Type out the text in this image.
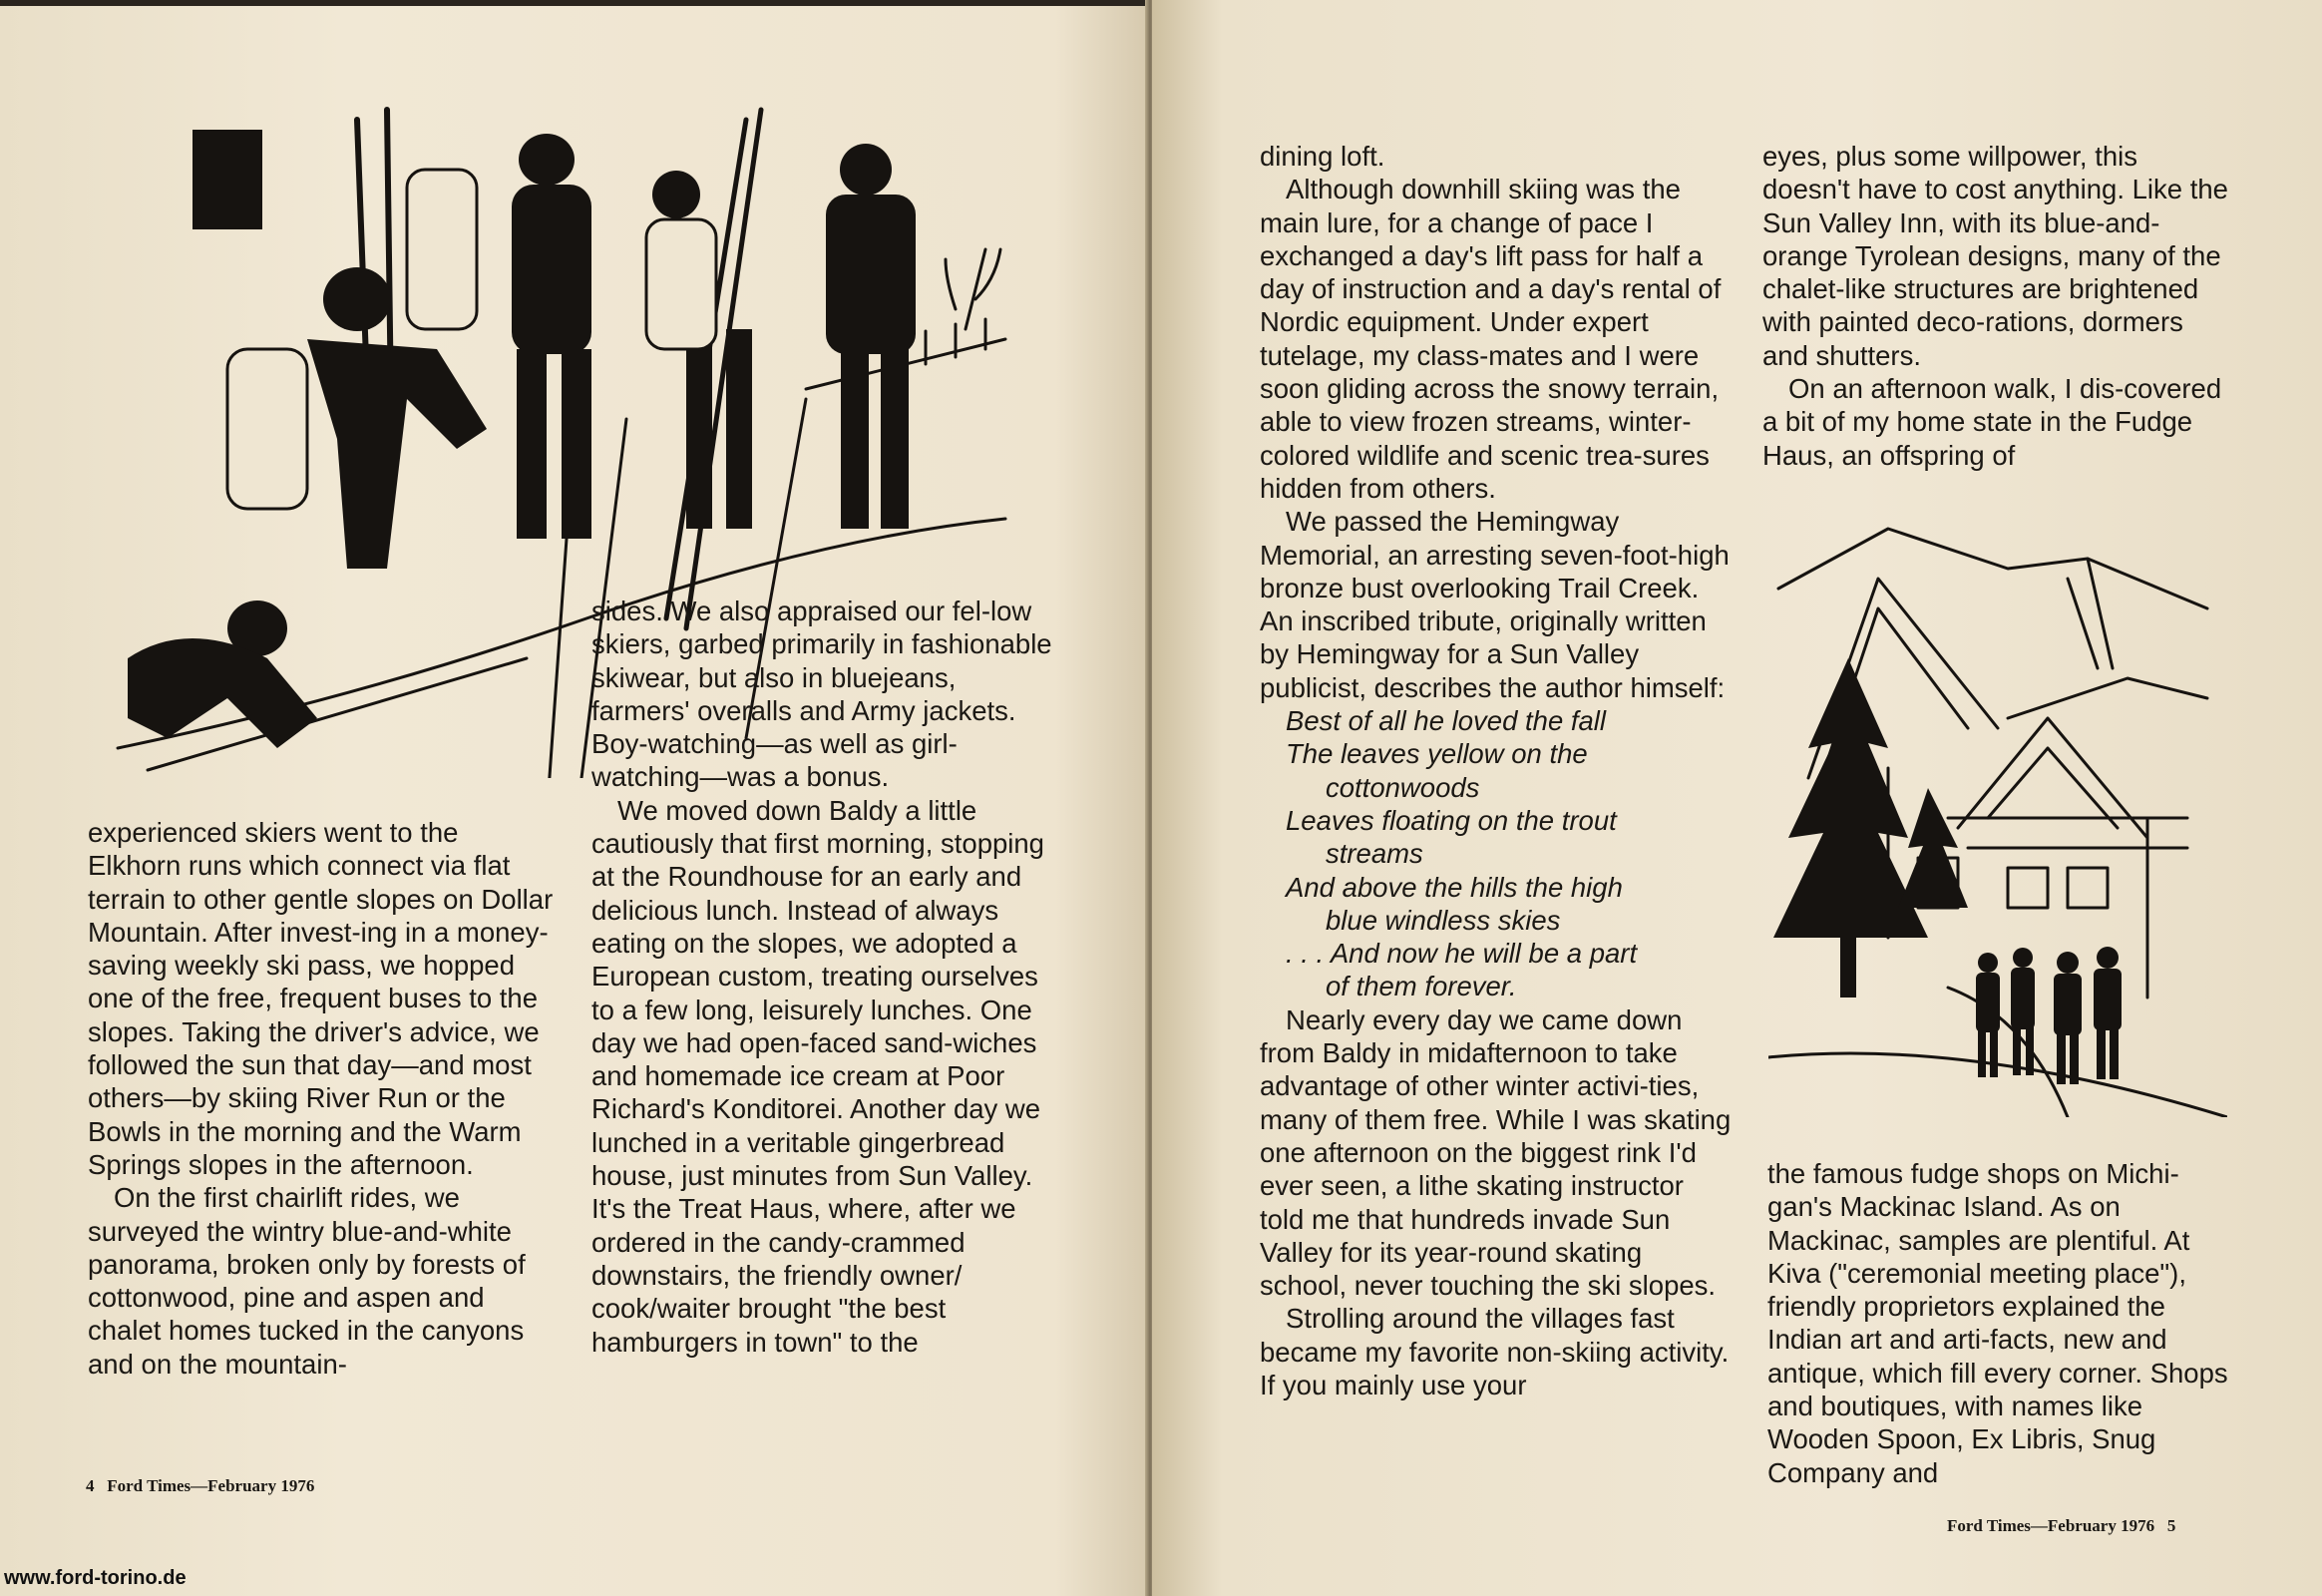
experienced skiers went to the Elkhorn runs which connect via flat terrain to other gentle slopes on Dollar Mountain. After invest-ing in a money-saving weekly ski pass, we hopped one of the free, frequent buses to the slopes. Taking the driver's advice, we followed the sun that day—and most others—by skiing River Run or the Bowls in the morning and the Warm Springs slopes in the afternoon.

On the first chairlift rides, we surveyed the wintry blue-and-white panorama, broken only by forests of cottonwood, pine and aspen and chalet homes tucked in the canyons and on the mountain-

sides. We also appraised our fel-low skiers, garbed primarily in fashionable skiwear, but also in bluejeans, farmers' overalls and Army jackets. Boy-watching—as well as girl-watching—was a bonus.

We moved down Baldy a little cautiously that first morning, stopping at the Roundhouse for an early and delicious lunch. Instead of always eating on the slopes, we adopted a European custom, treating ourselves to a few long, leisurely lunches. One day we had open-faced sand-wiches and homemade ice cream at Poor Richard's Konditorei. Another day we lunched in a veritable gingerbread house, just minutes from Sun Valley. It's the Treat Haus, where, after we ordered in the candy-crammed downstairs, the friendly owner/ cook/waiter brought "the best hamburgers in town" to the

4 Ford Times—February 1976
www.ford-torino.de

dining loft.

Although downhill skiing was the main lure, for a change of pace I exchanged a day's lift pass for half a day of instruction and a day's rental of Nordic equipment. Under expert tutelage, my class-mates and I were soon gliding across the snowy terrain, able to view frozen streams, winter-colored wildlife and scenic trea-sures hidden from others.

We passed the Hemingway Memorial, an arresting seven-foot-high bronze bust overlooking Trail Creek. An inscribed tribute, originally written by Hemingway for a Sun Valley publicist, describes the author himself:

Best of all he loved the fall
The leaves yellow on the
cottonwoods
Leaves floating on the trout
streams
And above the hills the high
blue windless skies
. . . And now he will be a part
of them forever.

Nearly every day we came down from Baldy in midafternoon to take advantage of other winter activi-ties, many of them free. While I was skating one afternoon on the biggest rink I'd ever seen, a lithe skating instructor told me that hundreds invade Sun Valley for its year-round skating school, never touching the ski slopes.

Strolling around the villages fast became my favorite non-skiing activity. If you mainly use your

eyes, plus some willpower, this doesn't have to cost anything. Like the Sun Valley Inn, with its blue-and-orange Tyrolean designs, many of the chalet-like structures are brightened with painted deco-rations, dormers and shutters.

On an afternoon walk, I dis-covered a bit of my home state in the Fudge Haus, an offspring of

the famous fudge shops on Michi-gan's Mackinac Island. As on Mackinac, samples are plentiful. At Kiva ("ceremonial meeting place"), friendly proprietors explained the Indian art and arti-facts, new and antique, which fill every corner. Shops and boutiques, with names like Wooden Spoon, Ex Libris, Snug Company and

Ford Times—February 1976 5
